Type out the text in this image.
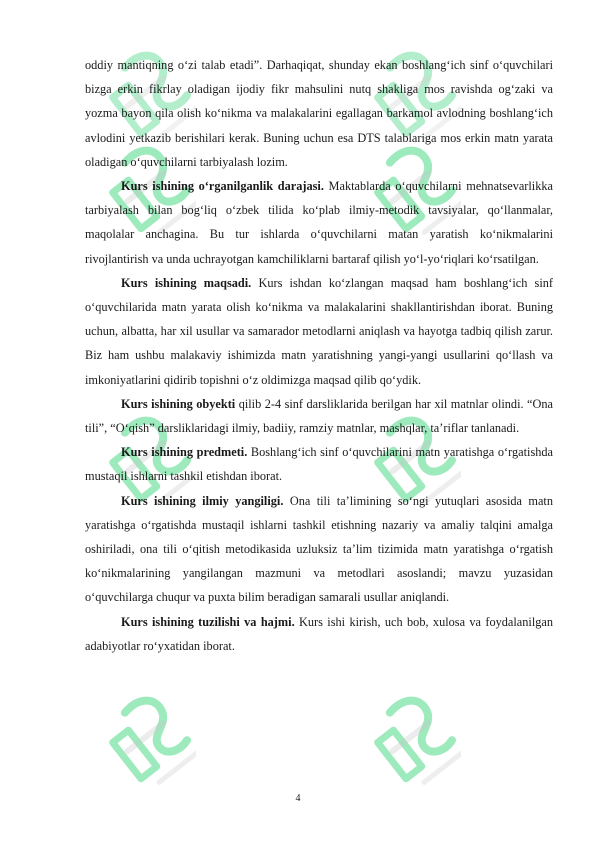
oddiy mantiqning o‘zi talab etadi”. Darhaqiqat, shunday ekan boshlang‘ich sinf o‘quvchilari bizga erkin fikrlay oladigan ijodiy fikr mahsulini nutq shakliga mos ravishda og‘zaki va yozma bayon qila olish ko‘nikma va malakalarini egallagan barkamol avlodning boshlang‘ich avlodini yetkazib berishilari kerak. Buning uchun esa DTS talablariga mos erkin matn yarata oladigan o‘quvchilarni tarbiyalash lozim.

Kurs ishining o‘rganilganlik darajasi. Maktablarda o‘quvchilarni mehnatsevarlikka tarbiyalash bilan bog‘liq o‘zbek tilida ko‘plab ilmiy-metodik tavsiyalar, qo‘llanmalar, maqolalar anchagina. Bu tur ishlarda o‘quvchilarni matan yaratish ko‘nikmalarini rivojlantirish va unda uchrayotgan kamchiliklarni bartaraf qilish yo‘l-yo‘riqlari ko‘rsatilgan.

Kurs ishining maqsadi. Kurs ishdan ko‘zlangan maqsad ham boshlang‘ich sinf o‘quvchilarida matn yarata olish ko‘nikma va malakalarini shakllantirishdan iborat. Buning uchun, albatta, har xil usullar va samarador metodlarni aniqlash va hayotga tadbiq qilish zarur. Biz ham ushbu malakaviy ishimizda matn yaratishning yangi-yangi usullarini qo‘llash va imkoniyatlarini qidirib topishni o‘z oldimizga maqsad qilib qo‘ydik.

Kurs ishining obyekti qilib 2-4 sinf darsliklarida berilgan har xil matnlar olindi. “Ona tili”, “O‘qish” darsliklaridagi ilmiy, badiiy, ramziy matnlar, mashqlar, ta’riflar tanlanadi.

Kurs ishining predmeti. Boshlang‘ich sinf o‘quvchilarini matn yaratishga o‘rgatishda mustaqil ishlarni tashkil etishdan iborat.

Kurs ishining ilmiy yangiligi. Ona tili ta’limining so‘ngi yutuqlari asosida matn yaratishga o‘rgatishda mustaqil ishlarni tashkil etishning nazariy va amaliy talqini amalga oshiriladi, ona tili o‘qitish metodikasida uzluksiz ta’lim tizimida matn yaratishga o‘rgatish ko‘nikmalarining yangilangan mazmuni va metodlari asoslandi; mavzu yuzasidan o‘quvchilarga chuqur va puxta bilim beradigan samarali usullar aniqlandi.

Kurs ishining tuzilishi va hajmi. Kurs ishi kirish, uch bob, xulosa va foydalanilgan adabiyotlar ro‘yxatidan iborat.

4
